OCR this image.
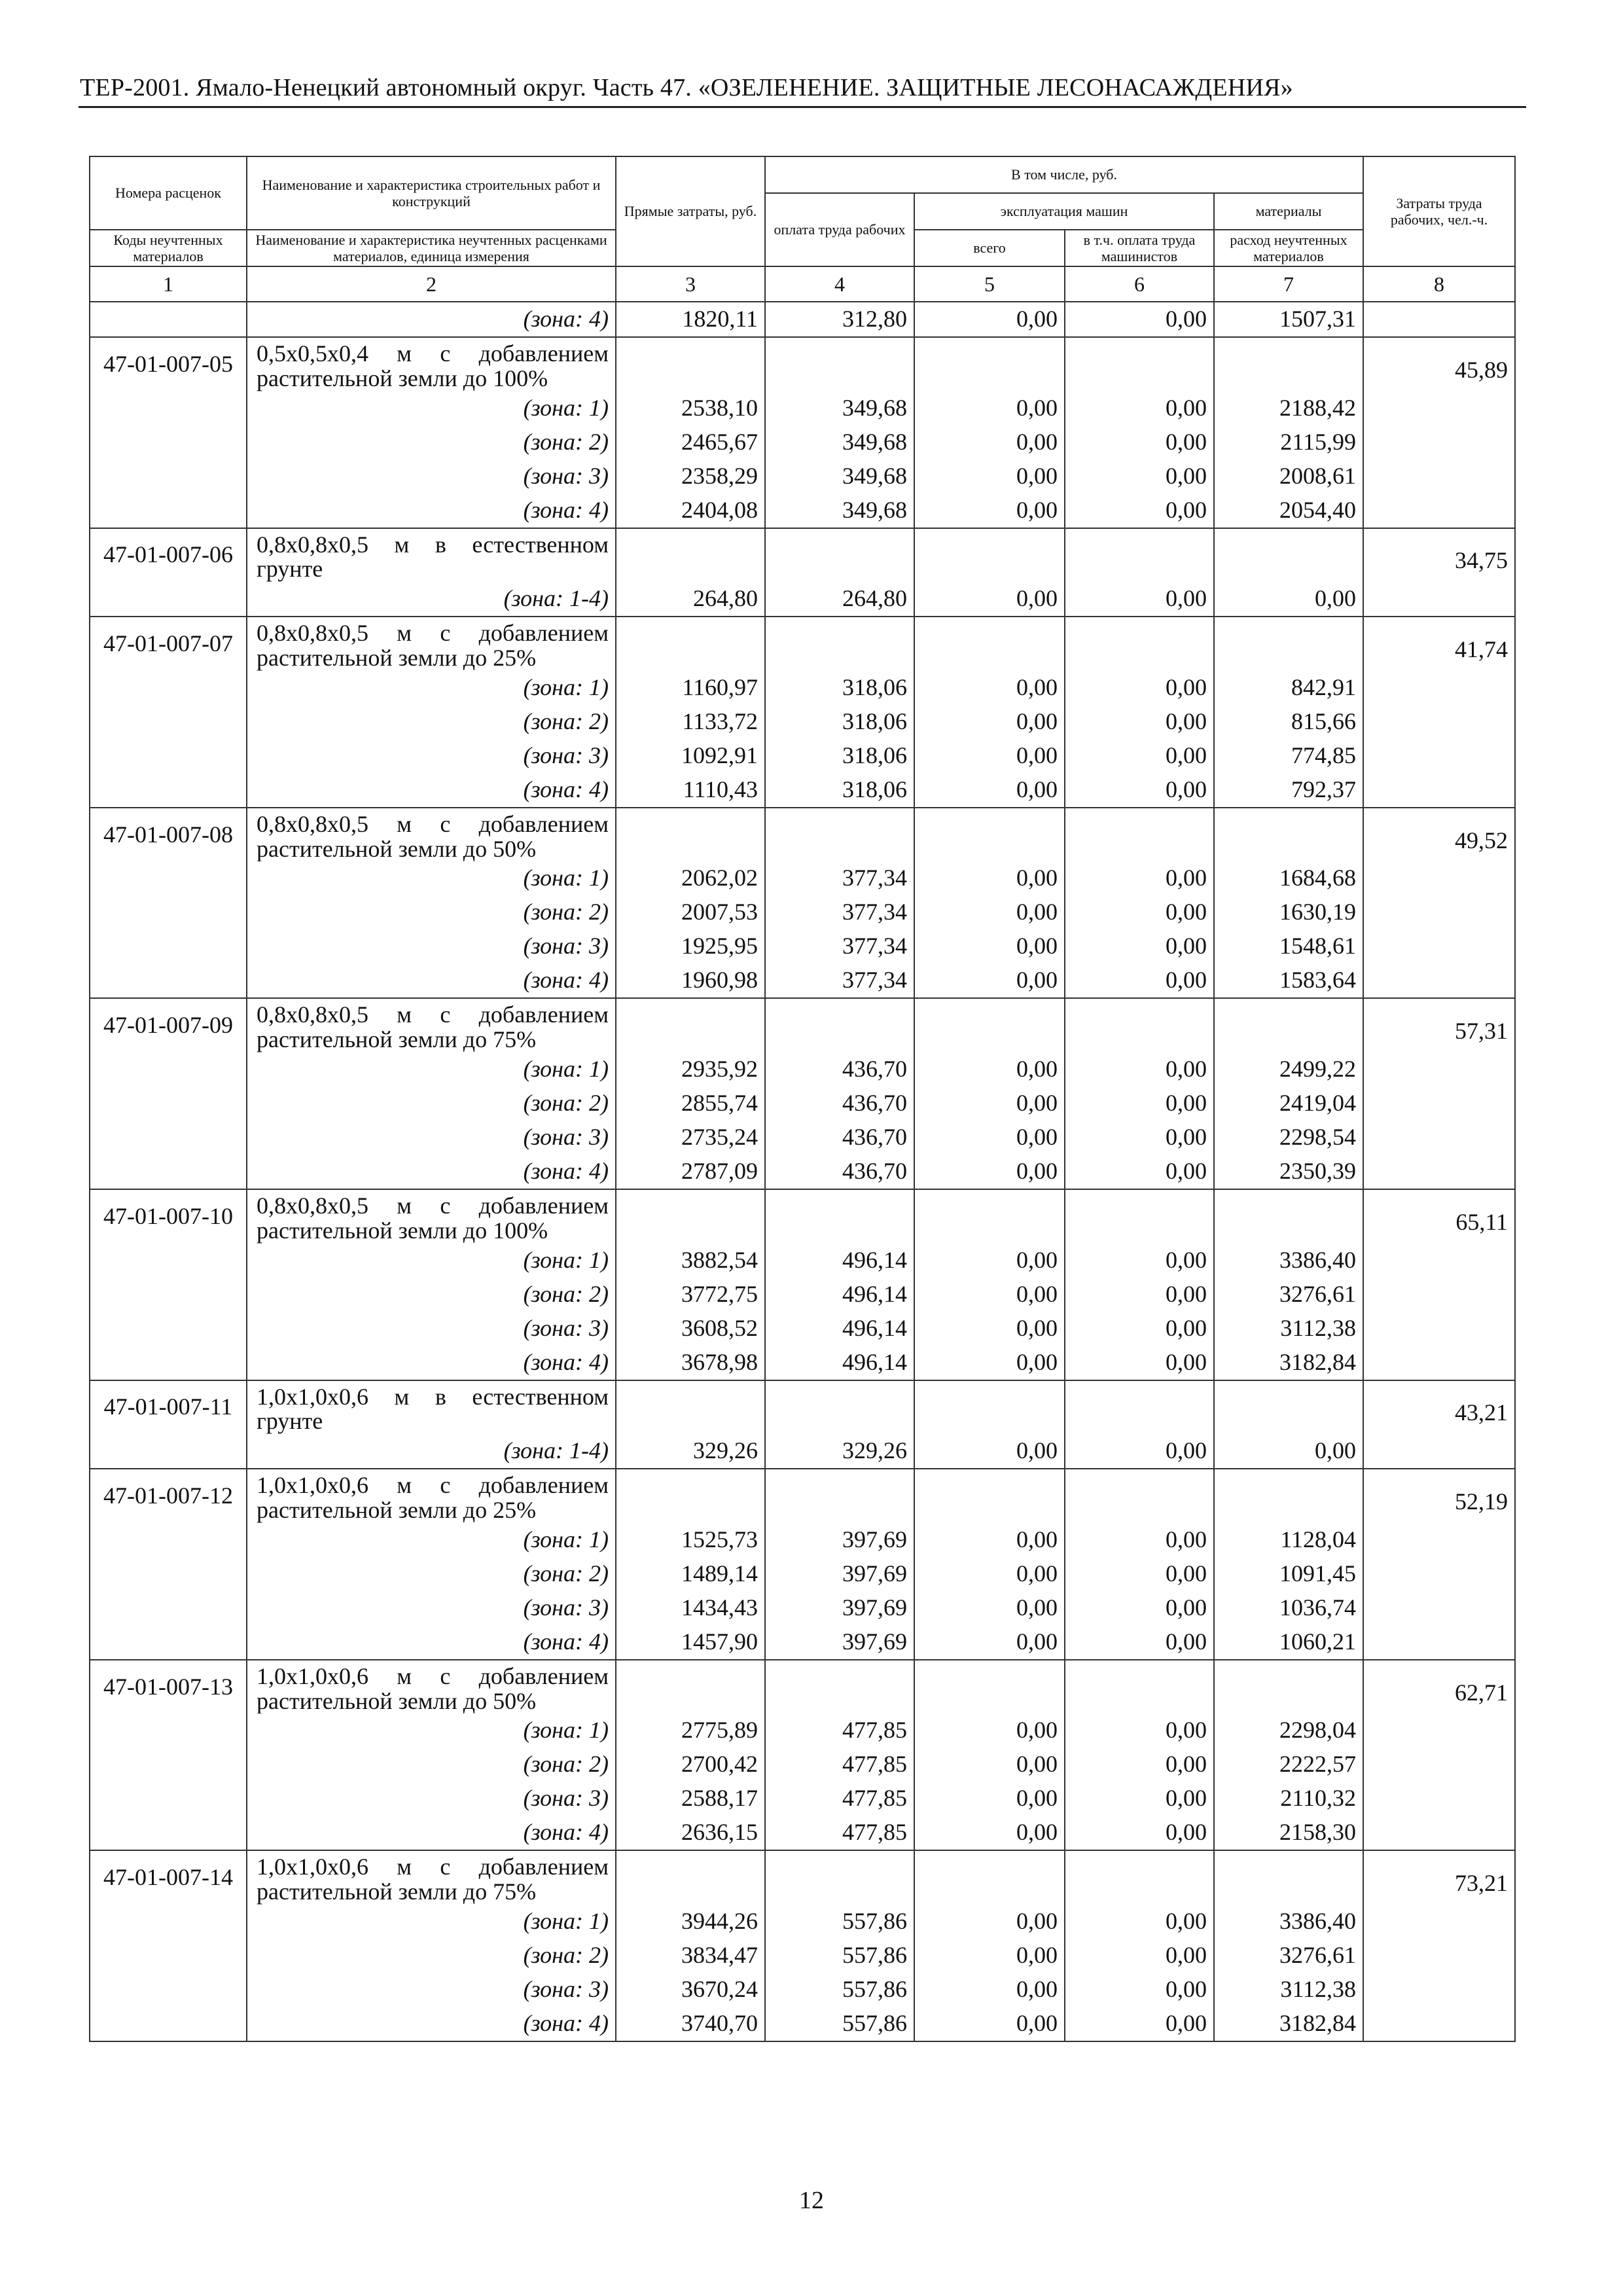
ТЕР-2001. Ямало-Ненецкий автономный округ. Часть 47. «ОЗЕЛЕНЕНИЕ. ЗАЩИТНЫЕ ЛЕСОНАСАЖДЕНИЯ»
Номера расценок	Наименование и характеристика строительных работ и конструкций	Прямые затраты, руб.	В том числе, руб.				Затраты труда рабочих, чел.-ч.
			оплата труда рабочих	эксплуатация машин		материалы	
Коды неучтенных материалов	Наименование и характеристика неучтенных расценками материалов, единица измерения			всего	в т.ч. оплата труда машинистов	расход неучтенных материалов	
1	2	3	4	5	6	7	8
	(зона: 4)	1820,11	312,80	0,00	0,00	1507,31	
47-01-007-05	0,5х0,5х0,4 м с добавлением растительной земли до 100%						45,89
	(зона: 1)	2538,10	349,68	0,00	0,00	2188,42	
	(зона: 2)	2465,67	349,68	0,00	0,00	2115,99	
	(зона: 3)	2358,29	349,68	0,00	0,00	2008,61	
	(зона: 4)	2404,08	349,68	0,00	0,00	2054,40	
47-01-007-06	0,8х0,8х0,5 м в естественном грунте						34,75
	(зона: 1-4)	264,80	264,80	0,00	0,00	0,00	
47-01-007-07	0,8х0,8х0,5 м с добавлением растительной земли до 25%						41,74
	(зона: 1)	1160,97	318,06	0,00	0,00	842,91	
	(зона: 2)	1133,72	318,06	0,00	0,00	815,66	
	(зона: 3)	1092,91	318,06	0,00	0,00	774,85	
	(зона: 4)	1110,43	318,06	0,00	0,00	792,37	
47-01-007-08	0,8х0,8х0,5 м с добавлением растительной земли до 50%						49,52
	(зона: 1)	2062,02	377,34	0,00	0,00	1684,68	
	(зона: 2)	2007,53	377,34	0,00	0,00	1630,19	
	(зона: 3)	1925,95	377,34	0,00	0,00	1548,61	
	(зона: 4)	1960,98	377,34	0,00	0,00	1583,64	
47-01-007-09	0,8х0,8х0,5 м с добавлением растительной земли до 75%						57,31
	(зона: 1)	2935,92	436,70	0,00	0,00	2499,22	
	(зона: 2)	2855,74	436,70	0,00	0,00	2419,04	
	(зона: 3)	2735,24	436,70	0,00	0,00	2298,54	
	(зона: 4)	2787,09	436,70	0,00	0,00	2350,39	
47-01-007-10	0,8х0,8х0,5 м с добавлением растительной земли до 100%						65,11
	(зона: 1)	3882,54	496,14	0,00	0,00	3386,40	
	(зона: 2)	3772,75	496,14	0,00	0,00	3276,61	
	(зона: 3)	3608,52	496,14	0,00	0,00	3112,38	
	(зона: 4)	3678,98	496,14	0,00	0,00	3182,84	
47-01-007-11	1,0х1,0х0,6 м в естественном грунте						43,21
	(зона: 1-4)	329,26	329,26	0,00	0,00	0,00	
47-01-007-12	1,0х1,0х0,6 м с добавлением растительной земли до 25%						52,19
	(зона: 1)	1525,73	397,69	0,00	0,00	1128,04	
	(зона: 2)	1489,14	397,69	0,00	0,00	1091,45	
	(зона: 3)	1434,43	397,69	0,00	0,00	1036,74	
	(зона: 4)	1457,90	397,69	0,00	0,00	1060,21	
47-01-007-13	1,0х1,0х0,6 м с добавлением растительной земли до 50%						62,71
	(зона: 1)	2775,89	477,85	0,00	0,00	2298,04	
	(зона: 2)	2700,42	477,85	0,00	0,00	2222,57	
	(зона: 3)	2588,17	477,85	0,00	0,00	2110,32	
	(зона: 4)	2636,15	477,85	0,00	0,00	2158,30	
47-01-007-14	1,0х1,0х0,6 м с добавлением растительной земли до 75%						73,21
	(зона: 1)	3944,26	557,86	0,00	0,00	3386,40	
	(зона: 2)	3834,47	557,86	0,00	0,00	3276,61	
	(зона: 3)	3670,24	557,86	0,00	0,00	3112,38	
	(зона: 4)	3740,70	557,86	0,00	0,00	3182,84	
12
